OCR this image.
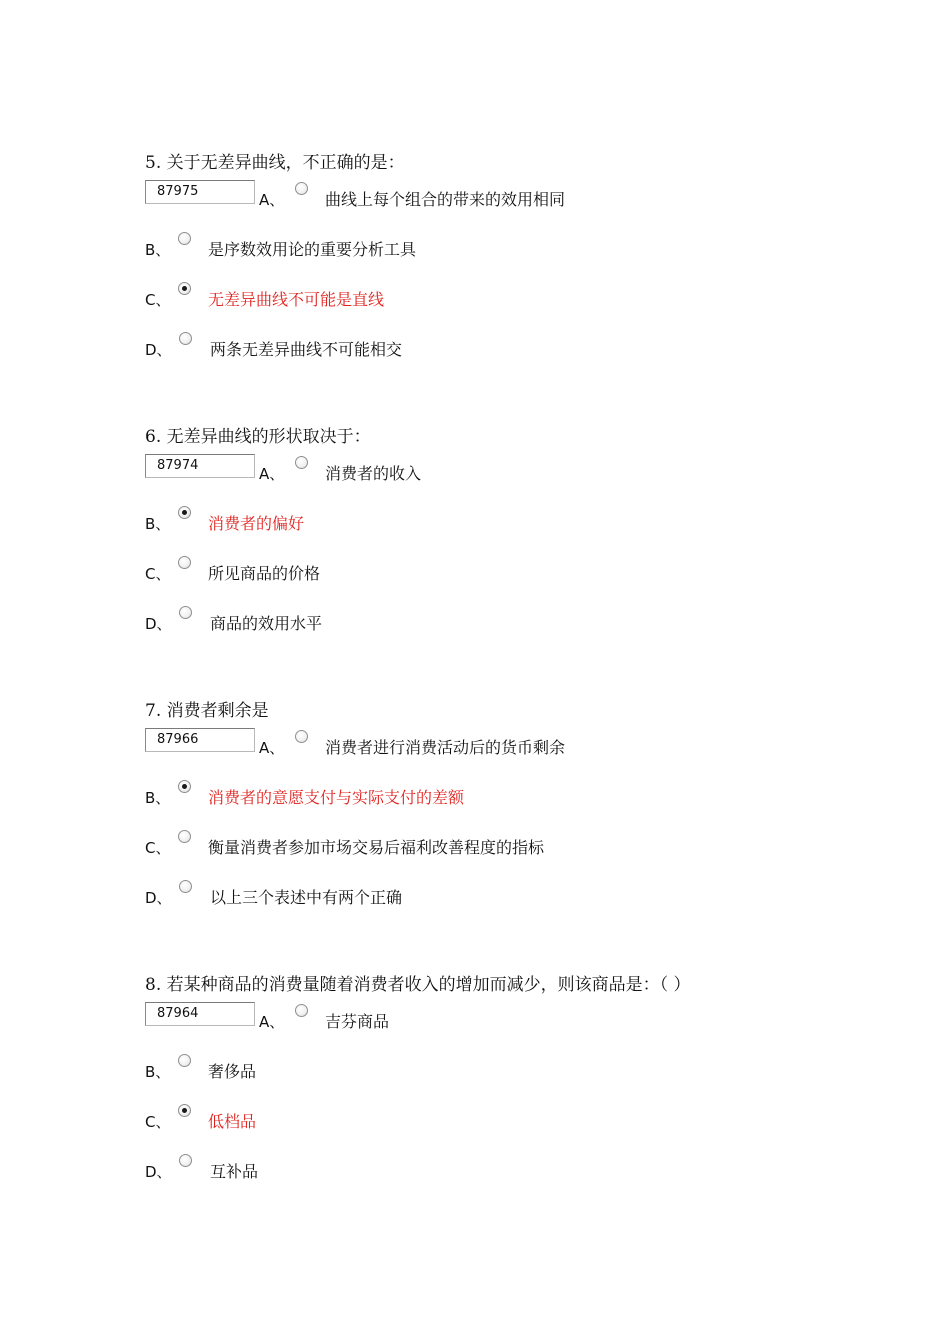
5. 关于无差异曲线，不正确的是：
87975	A、	曲线上每个组合的带来的效用相同
B、 是序数效用论的重要分析工具
C、 无差异曲线不可能是直线
D、 两条无差异曲线不可能相交
6. 无差异曲线的形状取决于：
87974	A、	消费者的收入
B、 消费者的偏好
C、 所见商品的价格
D、 商品的效用水平
7. 消费者剩余是
87966	A、	消费者进行消费活动后的货币剩余
B、 消费者的意愿支付与实际支付的差额
C、 衡量消费者参加市场交易后福利改善程度的指标
D、 以上三个表述中有两个正确
8. 若某种商品的消费量随着消费者收入的增加而减少，则该商品是：（ ）
87964	A、	吉芬商品
B、 奢侈品
C、 低档品
D、 互补品
